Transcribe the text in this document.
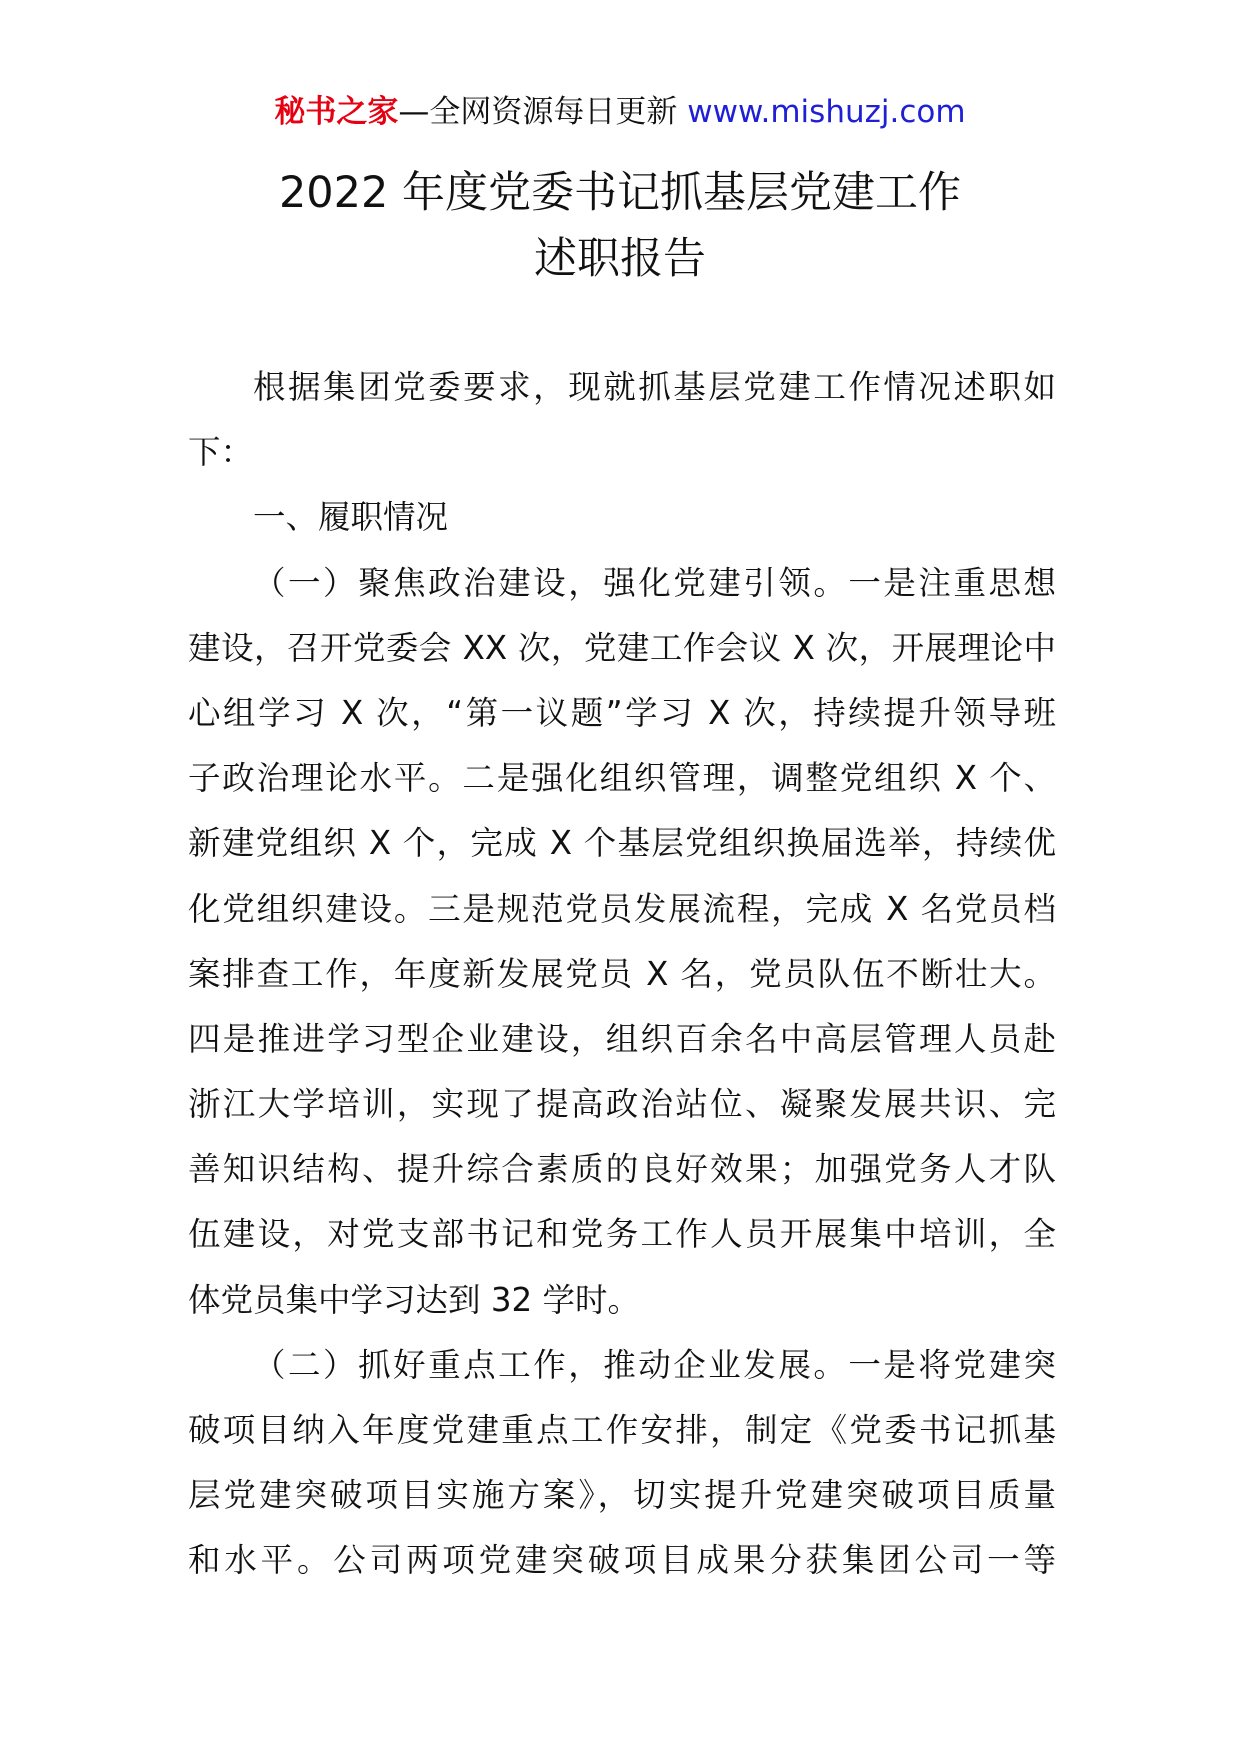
秘书之家—全网资源每日更新 www.mishuzj.com
2022 年度党委书记抓基层党建工作
述职报告
根据集团党委要求，现就抓基层党建工作情况述职如
下：
一、履职情况
（一）聚焦政治建设，强化党建引领。一是注重思想
建设，召开党委会 XX 次，党建工作会议 X 次，开展理论中
心组学习 X 次，“第一议题”学习 X 次，持续提升领导班
子政治理论水平。二是强化组织管理，调整党组织 X 个、
新建党组织 X 个，完成 X 个基层党组织换届选举，持续优
化党组织建设。三是规范党员发展流程，完成 X 名党员档
案排查工作，年度新发展党员 X 名，党员队伍不断壮大。
四是推进学习型企业建设，组织百余名中高层管理人员赴
浙江大学培训，实现了提高政治站位、凝聚发展共识、完
善知识结构、提升综合素质的良好效果；加强党务人才队
伍建设，对党支部书记和党务工作人员开展集中培训，全
体党员集中学习达到 32 学时。
（二）抓好重点工作，推动企业发展。一是将党建突
破项目纳入年度党建重点工作安排，制定《党委书记抓基
层党建突破项目实施方案》，切实提升党建突破项目质量
和水平。公司两项党建突破项目成果分获集团公司一等
